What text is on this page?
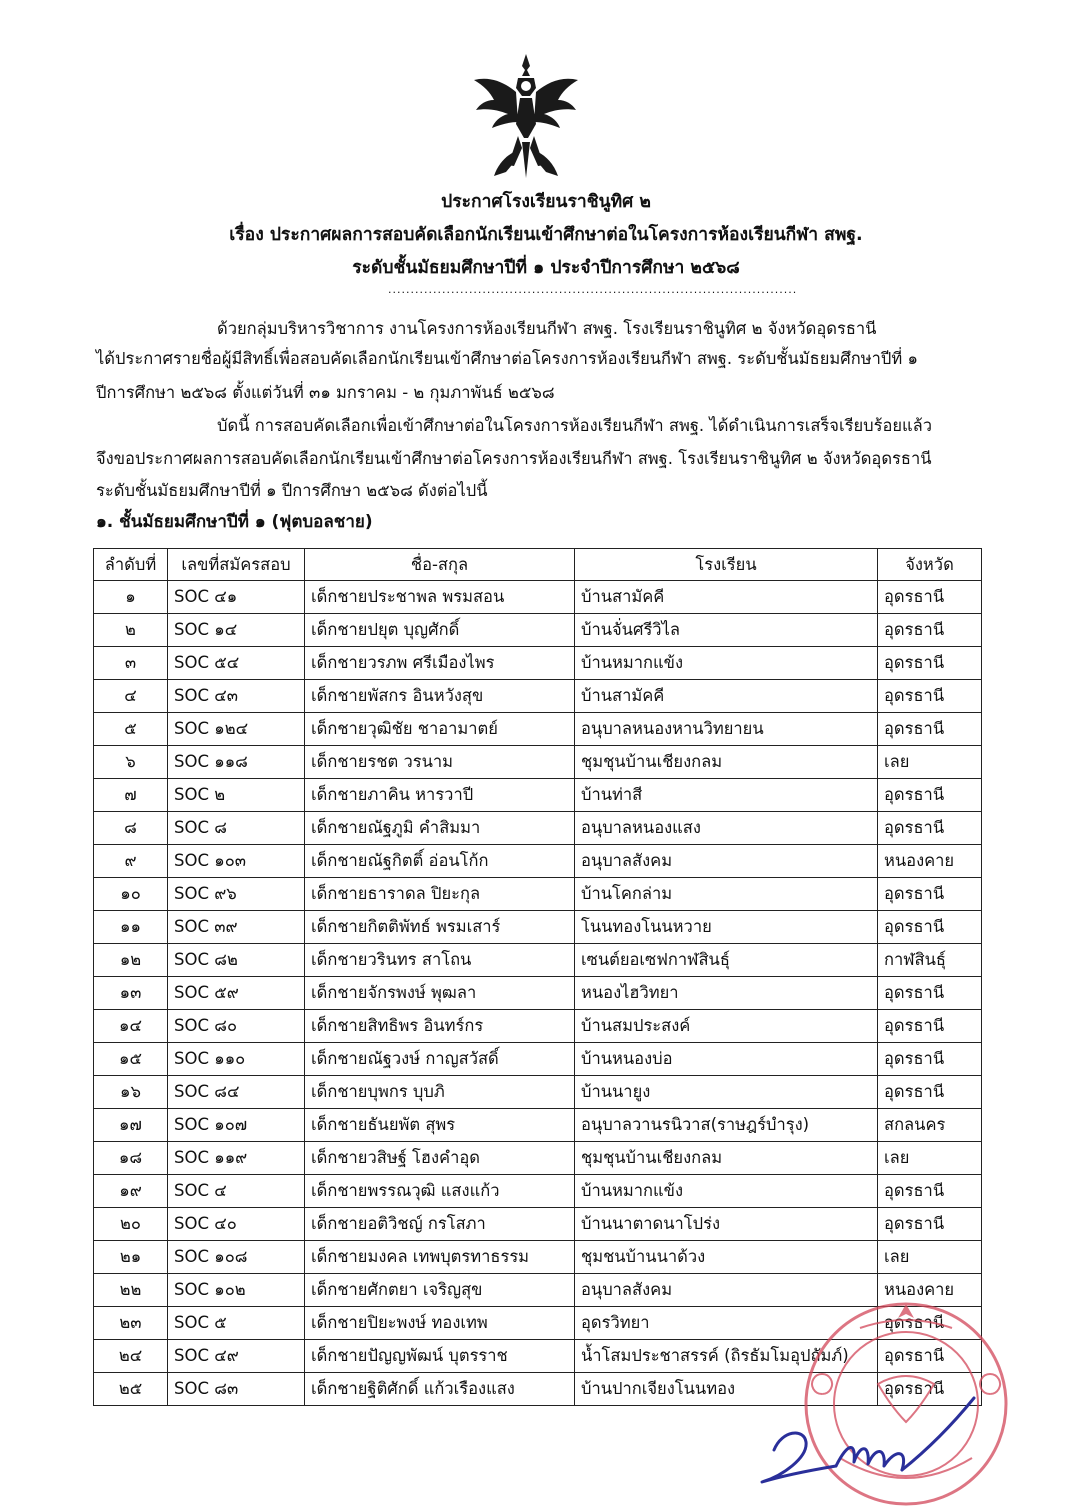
ประกาศโรงเรียนราชินูทิศ ๒
เรื่อง ประกาศผลการสอบคัดเลือกนักเรียนเข้าศึกษาต่อในโครงการห้องเรียนกีฬา สพฐ.
ระดับชั้นมัธยมศึกษาปีที่ ๑ ประจำปีการศึกษา ๒๕๖๘
...........................................................................................
ด้วยกลุ่มบริหารวิชาการ งานโครงการห้องเรียนกีฬา สพฐ. โรงเรียนราชินูทิศ ๒ จังหวัดอุดรธานี
ได้ประกาศรายชื่อผู้มีสิทธิ์เพื่อสอบคัดเลือกนักเรียนเข้าศึกษาต่อโครงการห้องเรียนกีฬา สพฐ. ระดับชั้นมัธยมศึกษาปีที่ ๑
ปีการศึกษา ๒๕๖๘ ตั้งแต่วันที่ ๓๑ มกราคม - ๒ กุมภาพันธ์ ๒๕๖๘
บัดนี้ การสอบคัดเลือกเพื่อเข้าศึกษาต่อในโครงการห้องเรียนกีฬา สพฐ. ได้ดำเนินการเสร็จเรียบร้อยแล้ว
จึงขอประกาศผลการสอบคัดเลือกนักเรียนเข้าศึกษาต่อโครงการห้องเรียนกีฬา สพฐ. โรงเรียนราชินูทิศ ๒ จังหวัดอุดรธานี
ระดับชั้นมัธยมศึกษาปีที่ ๑ ปีการศึกษา ๒๕๖๘ ดังต่อไปนี้
๑. ชั้นมัธยมศึกษาปีที่ ๑ (ฟุตบอลชาย)
ลำดับที่	เลขที่สมัครสอบ	ชื่อ-สกุล	โรงเรียน	จังหวัด
๑	SOC ๔๑	เด็กชายประชาพล พรมสอน	บ้านสามัคคี	อุดรธานี
๒	SOC ๑๔	เด็กชายปยุต บุญศักดิ์	บ้านจั่นศรีวิไล	อุดรธานี
๓	SOC ๕๔	เด็กชายวรภพ ศรีเมืองไพร	บ้านหมากแข้ง	อุดรธานี
๔	SOC ๔๓	เด็กชายพัสกร อินหวังสุข	บ้านสามัคคี	อุดรธานี
๕	SOC ๑๒๔	เด็กชายวุฒิชัย ชาอามาตย์	อนุบาลหนองหานวิทยายน	อุดรธานี
๖	SOC ๑๑๘	เด็กชายรชต วรนาม	ชุมชุนบ้านเชียงกลม	เลย
๗	SOC ๒	เด็กชายภาคิน หารวาปี	บ้านท่าสี	อุดรธานี
๘	SOC ๘	เด็กชายณัฐภูมิ คำสิมมา	อนุบาลหนองแสง	อุดรธานี
๙	SOC ๑๐๓	เด็กชายณัฐกิตติ์ อ่อนโก้ก	อนุบาลสังคม	หนองคาย
๑๐	SOC ๙๖	เด็กชายธาราดล ปิยะกุล	บ้านโคกล่าม	อุดรธานี
๑๑	SOC ๓๙	เด็กชายกิตติพัทธ์ พรมเสาร์	โนนทองโนนหวาย	อุดรธานี
๑๒	SOC ๘๒	เด็กชายวรินทร สาโถน	เซนต์ยอเซฟกาฬสินธุ์	กาฬสินธุ์
๑๓	SOC ๕๙	เด็กชายจักรพงษ์ พุฒลา	หนองไฮวิทยา	อุดรธานี
๑๔	SOC ๘๐	เด็กชายสิทธิพร อินทร์กร	บ้านสมประสงค์	อุดรธานี
๑๕	SOC ๑๑๐	เด็กชายณัฐวงษ์ กาญสวัสดิ์	บ้านหนองบ่อ	อุดรธานี
๑๖	SOC ๘๔	เด็กชายบุพกร บุบภิ	บ้านนายูง	อุดรธานี
๑๗	SOC ๑๐๗	เด็กชายธันยพัต สุพร	อนุบาลวานรนิวาส(ราษฎร์บำรุง)	สกลนคร
๑๘	SOC ๑๑๙	เด็กชายวสิษฐ์ โฮงคำอุด	ชุมชุนบ้านเชียงกลม	เลย
๑๙	SOC ๔	เด็กชายพรรณวุฒิ แสงแก้ว	บ้านหมากแข้ง	อุดรธานี
๒๐	SOC ๔๐	เด็กชายอติวิชญ์ กรโสภา	บ้านนาตาดนาโปร่ง	อุดรธานี
๒๑	SOC ๑๐๘	เด็กชายมงคล เทพบุตรทาธรรม	ชุมชนบ้านนาด้วง	เลย
๒๒	SOC ๑๐๒	เด็กชายศักตยา เจริญสุข	อนุบาลสังคม	หนองคาย
๒๓	SOC ๕	เด็กชายปิยะพงษ์ ทองเทพ	อุดรวิทยา	อุดรธานี
๒๔	SOC ๔๙	เด็กชายปัญญพัฒน์ บุตรราช	น้ำโสมประชาสรรค์ (ถิรธัมโมอุปถัมภ์)	อุดรธานี
๒๕	SOC ๘๓	เด็กชายฐิติศักดิ์ แก้วเรืองแสง	บ้านปากเจียงโนนทอง	อุดรธานี
